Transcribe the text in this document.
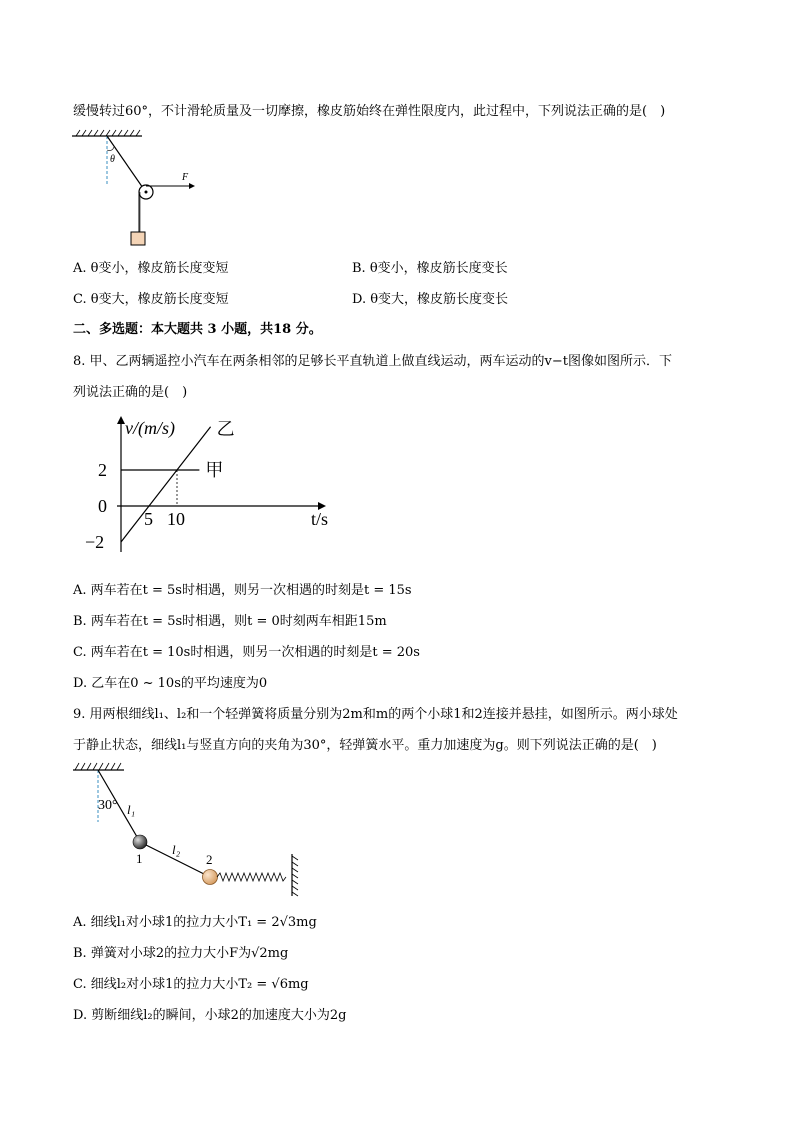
缓慢转过60°，不计滑轮质量及一切摩擦，橡皮筋始终在弹性限度内，此过程中，下列说法正确的是(　)
θ
F
A. θ变小，橡皮筋长度变短	B. θ变小，橡皮筋长度变长
C. θ变大，橡皮筋长度变短	D. θ变大，橡皮筋长度变长
二、多选题：本大题共 3 小题，共18 分。
8. 甲、乙两辆遥控小汽车在两条相邻的足够长平直轨道上做直线运动，两车运动的v−t图像如图所示．下
列说法正确的是(　)
v/(m/s)
t/s
甲
乙
5 10
2
0
−2
A. 两车若在t = 5s时相遇，则另一次相遇的时刻是t = 15s
B. 两车若在t = 5s时相遇，则t = 0时刻两车相距15m
C. 两车若在t = 10s时相遇，则另一次相遇的时刻是t = 20s
D. 乙车在0 ~ 10s的平均速度为0
9. 用两根细线l₁、l₂和一个轻弹簧将质量分别为2m和m的两个小球1和2连接并悬挂，如图所示。两小球处
于静止状态，细线l₁与竖直方向的夹角为30°，轻弹簧水平。重力加速度为g。则下列说法正确的是(　)
30° l₁
l₂
1	2
A. 细线l₁对小球1的拉力大小T₁ = 2√3mg
B. 弹簧对小球2的拉力大小F为√2mg
C. 细线l₂对小球1的拉力大小T₂ = √6mg
D. 剪断细线l₂的瞬间，小球2的加速度大小为2g
